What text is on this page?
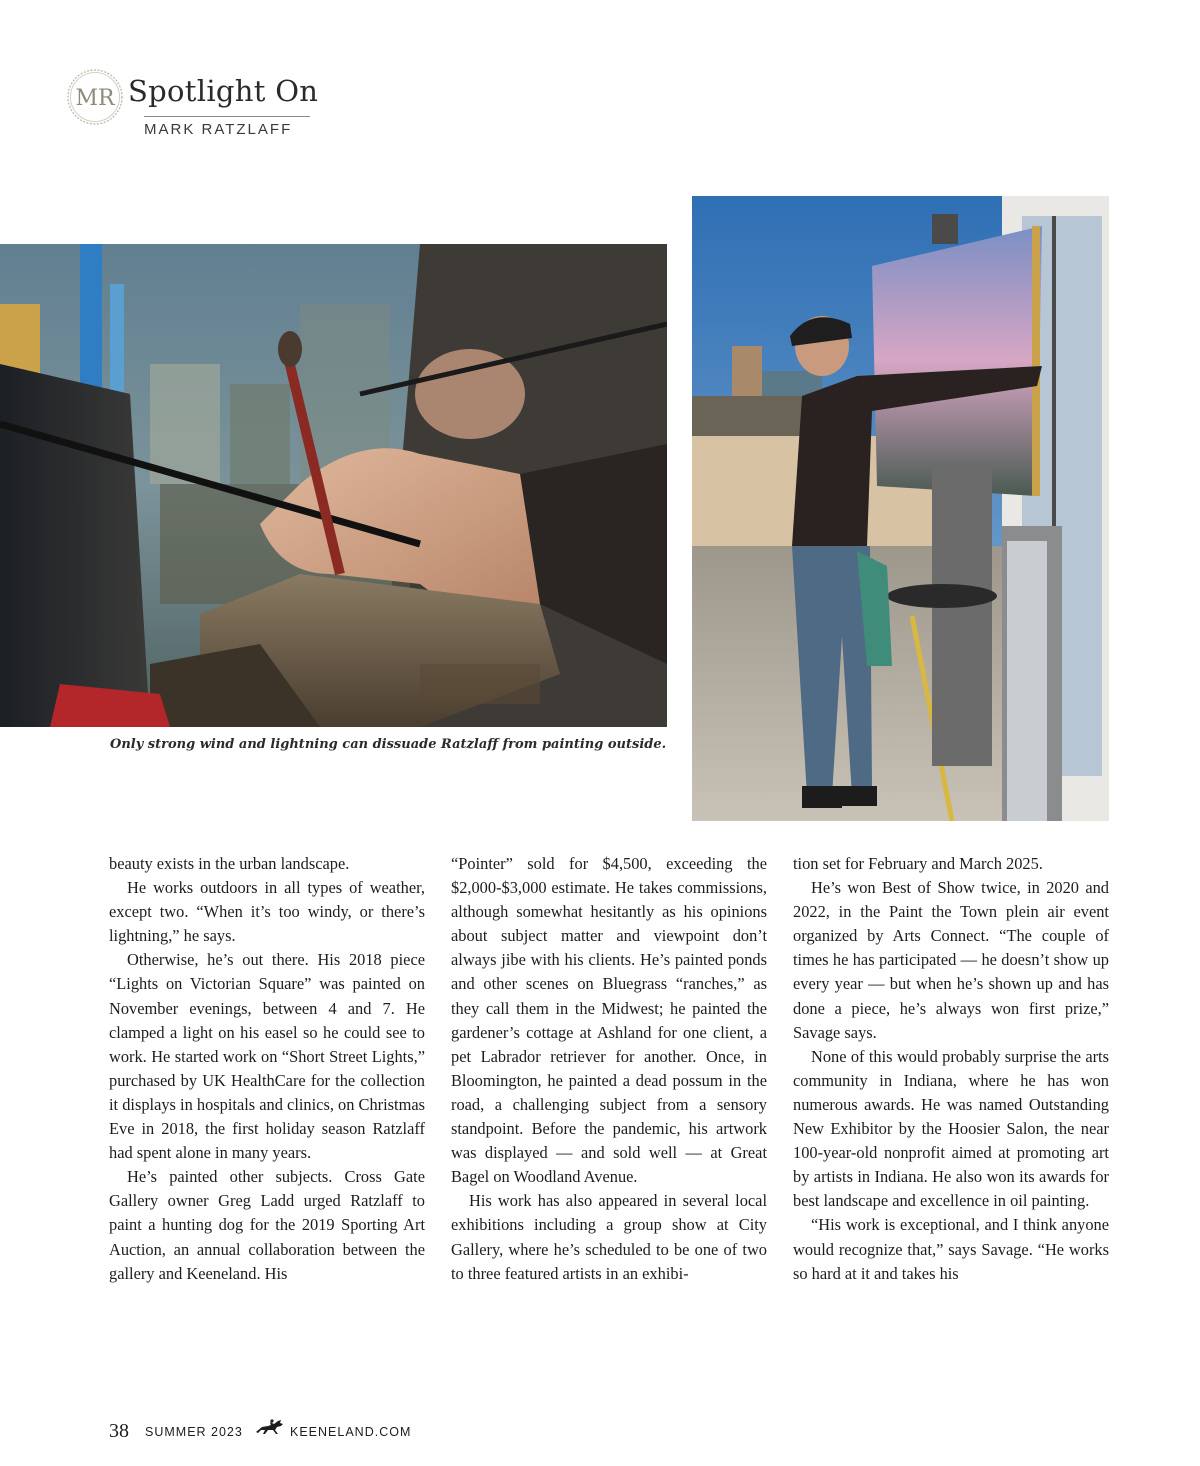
MR Spotlight On
MARK RATZLAFF
Only strong wind and lightning can dissuade Ratzlaff from painting outside.

beauty exists in the urban landscape.

He works outdoors in all types of weather, except two. “When it’s too windy, or there’s lightning,” he says.

Otherwise, he’s out there. His 2018 piece “Lights on Victorian Square” was painted on November evenings, between 4 and 7. He clamped a light on his easel so he could see to work. He started work on “Short Street Lights,” purchased by UK HealthCare for the collection it displays in hospitals and clinics, on Christmas Eve in 2018, the first holiday season Ratzlaff had spent alone in many years.

He’s painted other subjects. Cross Gate Gallery owner Greg Ladd urged Ratzlaff to paint a hunting dog for the 2019 Sporting Art Auction, an annual collaboration between the gallery and Keeneland. His

“Pointer” sold for $4,500, exceeding the $2,000-$3,000 estimate. He takes commissions, although somewhat hesitantly as his opinions about subject matter and viewpoint don’t always jibe with his clients. He’s painted ponds and other scenes on Bluegrass “ranches,” as they call them in the Midwest; he painted the gardener’s cottage at Ashland for one client, a pet Labrador retriever for another. Once, in Bloomington, he painted a dead possum in the road, a challenging subject from a sensory standpoint. Before the pandemic, his artwork was displayed — and sold well — at Great Bagel on Woodland Avenue.

His work has also appeared in several local exhibitions including a group show at City Gallery, where he’s scheduled to be one of two to three featured artists in an exhibi-

tion set for February and March 2025.

He’s won Best of Show twice, in 2020 and 2022, in the Paint the Town plein air event organized by Arts Connect. “The couple of times he has participated — he doesn’t show up every year — but when he’s shown up and has done a piece, he’s always won first prize,” Savage says.

None of this would probably surprise the arts community in Indiana, where he has won numerous awards. He was named Outstanding New Exhibitor by the Hoosier Salon, the near 100-year-old nonprofit aimed at promoting art by artists in Indiana. He also won its awards for best landscape and excellence in oil painting.

“His work is exceptional, and I think anyone would recognize that,” says Savage. “He works so hard at it and takes his

38 SUMMER 2023	KEENELAND.COM
